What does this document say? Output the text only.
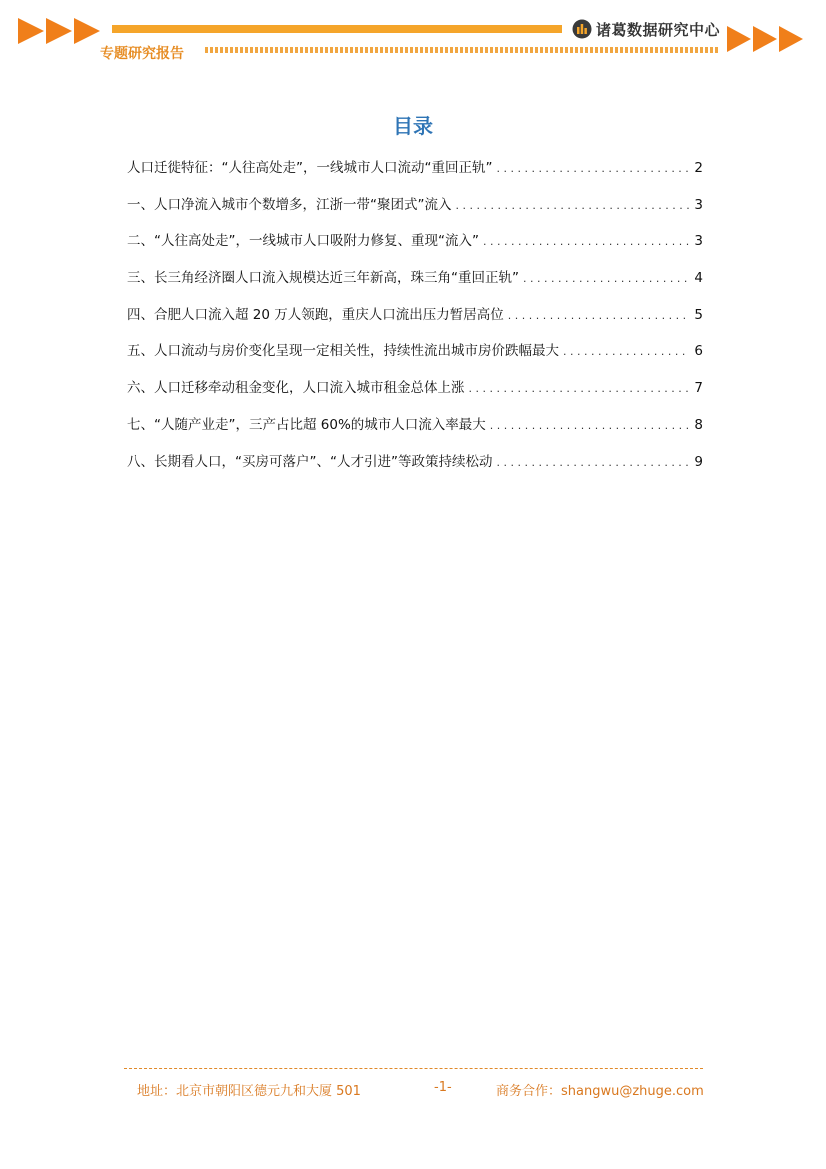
诸葛数据研究中心
专题研究报告
目录
人口迁徙特征：“人往高处走”，一线城市人口流动“重回正轨” . . .	2
一、人口净流入城市个数增多，江浙一带“聚团式”流入 . . .	3
二、“人往高处走”，一线城市人口吸附力修复、重现“流入” . . .	3
三、长三角经济圈人口流入规模达近三年新高，珠三角“重回正轨” . . .	4
四、合肥人口流入超 20 万人领跑，重庆人口流出压力暂居高位 . . .	5
五、人口流动与房价变化呈现一定相关性，持续性流出城市房价跌幅最大 . . .	6
六、人口迁移牵动租金变化，人口流入城市租金总体上涨 . . .	7
七、“人随产业走”，三产占比超 60%的城市人口流入率最大 . . .	8
八、长期看人口，“买房可落户”、“人才引进”等政策持续松动 . . .	9
地址：北京市朝阳区德元九和大厦 501	-1-	商务合作：shangwu@zhuge.com
